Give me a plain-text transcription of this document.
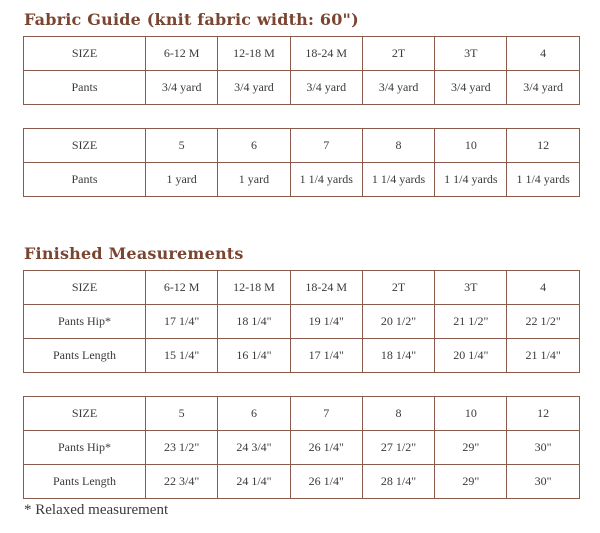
Fabric Guide (knit fabric width: 60")
SIZE	6-12 M	12-18 M	18-24 M	2T	3T	4
Pants	3/4 yard	3/4 yard	3/4 yard	3/4 yard	3/4 yard	3/4 yard
SIZE	5	6	7	8	10	12
Pants	1 yard	1 yard	1 1/4 yards	1 1/4 yards	1 1/4 yards	1 1/4 yards
Finished Measurements
SIZE	6-12 M	12-18 M	18-24 M	2T	3T	4
Pants Hip*	17 1/4"	18 1/4"	19 1/4"	20 1/2"	21 1/2"	22 1/2"
Pants Length	15 1/4"	16 1/4"	17 1/4"	18 1/4"	20 1/4"	21 1/4"
SIZE	5	6	7	8	10	12
Pants Hip*	23 1/2"	24 3/4"	26 1/4"	27 1/2"	29"	30"
Pants Length	22 3/4"	24 1/4"	26 1/4"	28 1/4"	29"	30"

* Relaxed measurement
